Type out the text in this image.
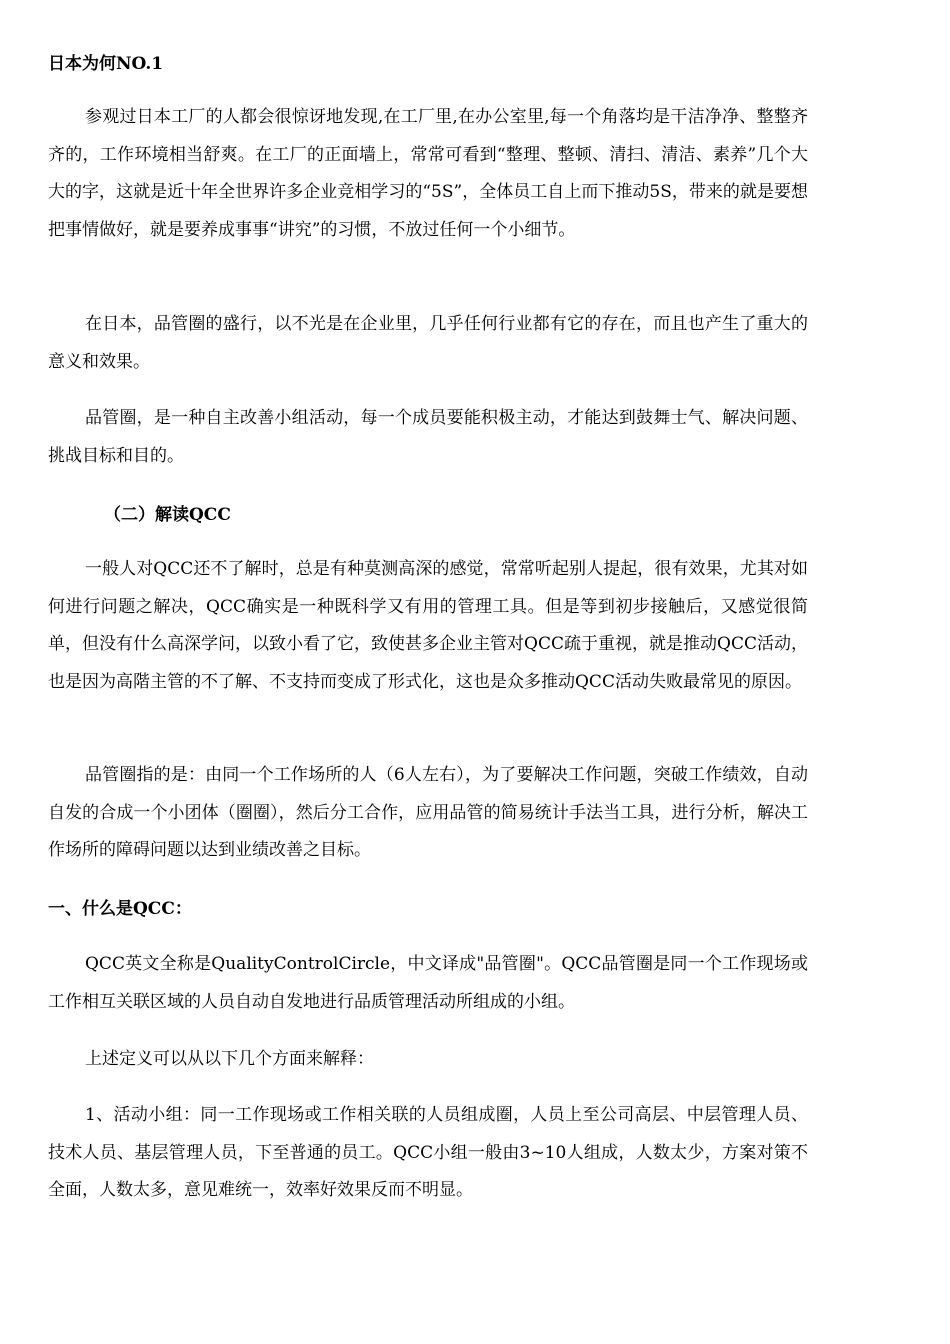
日本为何NO.1

参观过日本工厂的人都会很惊讶地发现,在工厂里,在办公室里,每一个角落均是干洁净净、整整齐齐的，工作环境相当舒爽。在工厂的正面墙上，常常可看到“整理、整顿、清扫、清洁、素养”几个大大的字，这就是近十年全世界许多企业竞相学习的“5S”，全体员工自上而下推动5S，带来的就是要想把事情做好，就是要养成事事“讲究”的习惯，不放过任何一个小细节。

在日本，品管圈的盛行，以不光是在企业里，几乎任何行业都有它的存在，而且也产生了重大的意义和效果。

品管圈，是一种自主改善小组活动，每一个成员要能积极主动，才能达到鼓舞士气、解决问题、挑战目标和目的。

（二）解读QCC

一般人对QCC还不了解时，总是有种莫测高深的感觉，常常听起别人提起，很有效果，尤其对如何进行问题之解决，QCC确实是一种既科学又有用的管理工具。但是等到初步接触后，又感觉很简单，但没有什么高深学问，以致小看了它，致使甚多企业主管对QCC疏于重视，就是推动QCC活动，也是因为高階主管的不了解、不支持而变成了形式化，这也是众多推动QCC活动失败最常见的原因。

品管圈指的是：由同一个工作场所的人（6人左右），为了要解决工作问题，突破工作绩效，自动自发的合成一个小团体（圈圈），然后分工合作，应用品管的简易统计手法当工具，进行分析，解决工作场所的障碍问题以达到业绩改善之目标。

一、什么是QCC：

QCC英文全称是QualityControlCircle，中文译成"品管圈"。QCC品管圈是同一个工作现场或工作相互关联区域的人员自动自发地进行品质管理活动所组成的小组。

上述定义可以从以下几个方面来解释：

1、活动小组：同一工作现场或工作相关联的人员组成圈，人员上至公司高层、中层管理人员、技术人员、基层管理人员，下至普通的员工。QCC小组一般由3~10人组成，人数太少，方案对策不全面，人数太多，意见难统一，效率好效果反而不明显。
